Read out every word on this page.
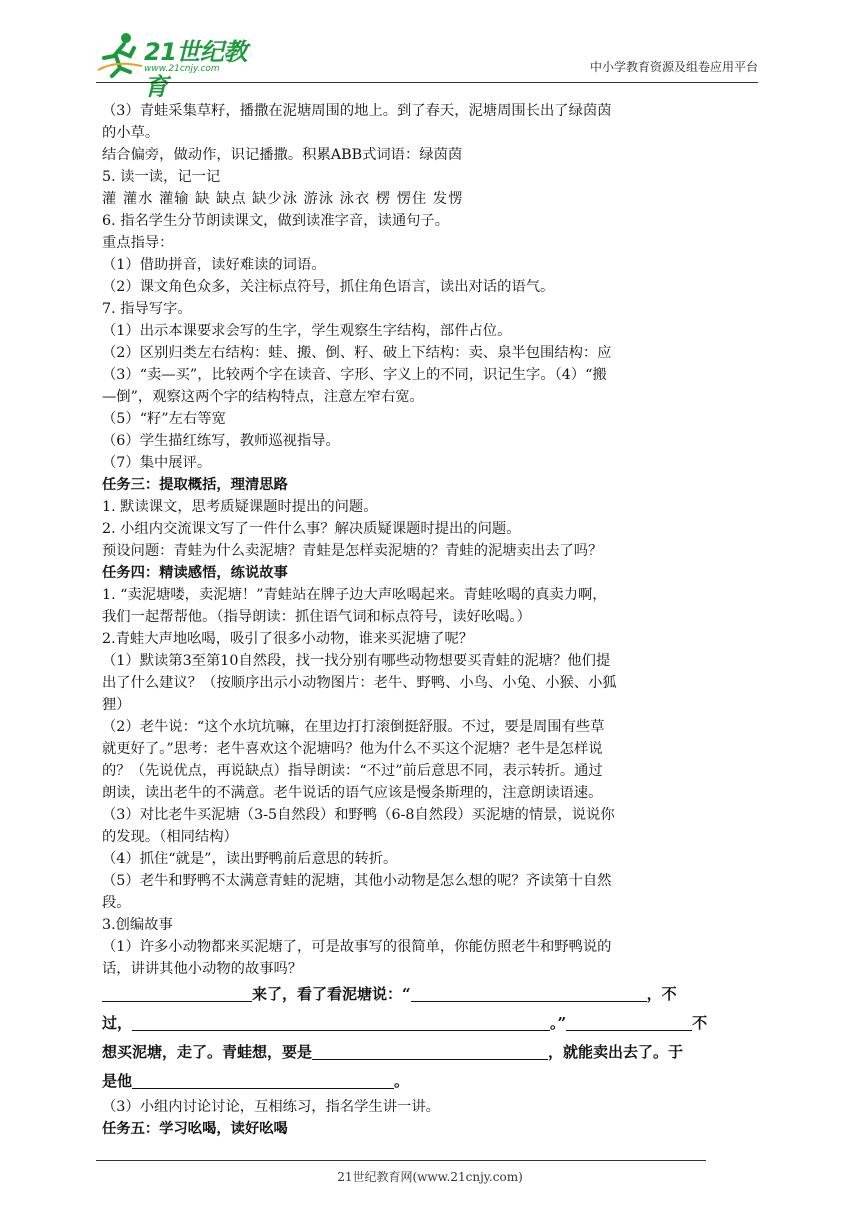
21世纪教育
www.21cnjy.com	中小学教育资源及组卷应用平台

（3）青蛙采集草籽，播撒在泥塘周围的地上。到了春天，泥塘周围长出了绿茵茵

的小草。

结合偏旁，做动作，识记播撒。积累ABB式词语：绿茵茵

5. 读一读，记一记

灌 灌水 灌输 缺 缺点 缺少泳 游泳 泳衣 楞 愣住 发愣

6. 指名学生分节朗读课文，做到读准字音，读通句子。

重点指导：

（1）借助拼音，读好难读的词语。

（2）课文角色众多，关注标点符号，抓住角色语言，读出对话的语气。

7. 指导写字。

（1）出示本课要求会写的生字，学生观察生字结构，部件占位。

（2）区别归类左右结构：蛙、搬、倒、籽、破上下结构：卖、泉半包围结构：应

（3）“卖—买”，比较两个字在读音、字形、字义上的不同，识记生字。（4）“搬

—倒”，观察这两个字的结构特点，注意左窄右宽。

（5）“籽”左右等宽

（6）学生描红练写，教师巡视指导。

（7）集中展评。

任务三：提取概括，理清思路

1. 默读课文，思考质疑课题时提出的问题。

2. 小组内交流课文写了一件什么事？解决质疑课题时提出的问题。

预设问题：青蛙为什么卖泥塘？青蛙是怎样卖泥塘的？青蛙的泥塘卖出去了吗？

任务四：精读感悟，练说故事

1. “卖泥塘喽，卖泥塘！”青蛙站在牌子边大声吆喝起来。青蛙吆喝的真卖力啊，

我们一起帮帮他。（指导朗读：抓住语气词和标点符号，读好吆喝。）

2.青蛙大声地吆喝，吸引了很多小动物，谁来买泥塘了呢？

（1）默读第3至第10自然段，找一找分别有哪些动物想要买青蛙的泥塘？他们提

出了什么建议？（按顺序出示小动物图片：老牛、野鸭、小鸟、小兔、小猴、小狐

狸）

（2）老牛说：“这个水坑坑嘛，在里边打打滚倒挺舒服。不过，要是周围有些草

就更好了。”思考：老牛喜欢这个泥塘吗？他为什么不买这个泥塘？老牛是怎样说

的？（先说优点，再说缺点）指导朗读：“不过”前后意思不同，表示转折。通过

朗读，读出老牛的不满意。老牛说话的语气应该是慢条斯理的，注意朗读语速。

（3）对比老牛买泥塘（3-5自然段）和野鸭（6-8自然段）买泥塘的情景，说说你

的发现。（相同结构）

（4）抓住“就是”，读出野鸭前后意思的转折。

（5）老牛和野鸭不太满意青蛙的泥塘，其他小动物是怎么想的呢？齐读第十自然

段。

3.创编故事

（1）许多小动物都来买泥塘了，可是故事写的很简单，你能仿照老牛和野鸭说的

话，讲讲其他小动物的故事吗？

来了，看了看泥塘说：“	，不
过，	。”	不
想买泥塘，走了。青蛙想，要是	，就能卖出去了。于
是他	。

（3）小组内讨论讨论，互相练习，指名学生讲一讲。

任务五：学习吆喝，读好吆喝

21世纪教育网(www.21cnjy.com)
